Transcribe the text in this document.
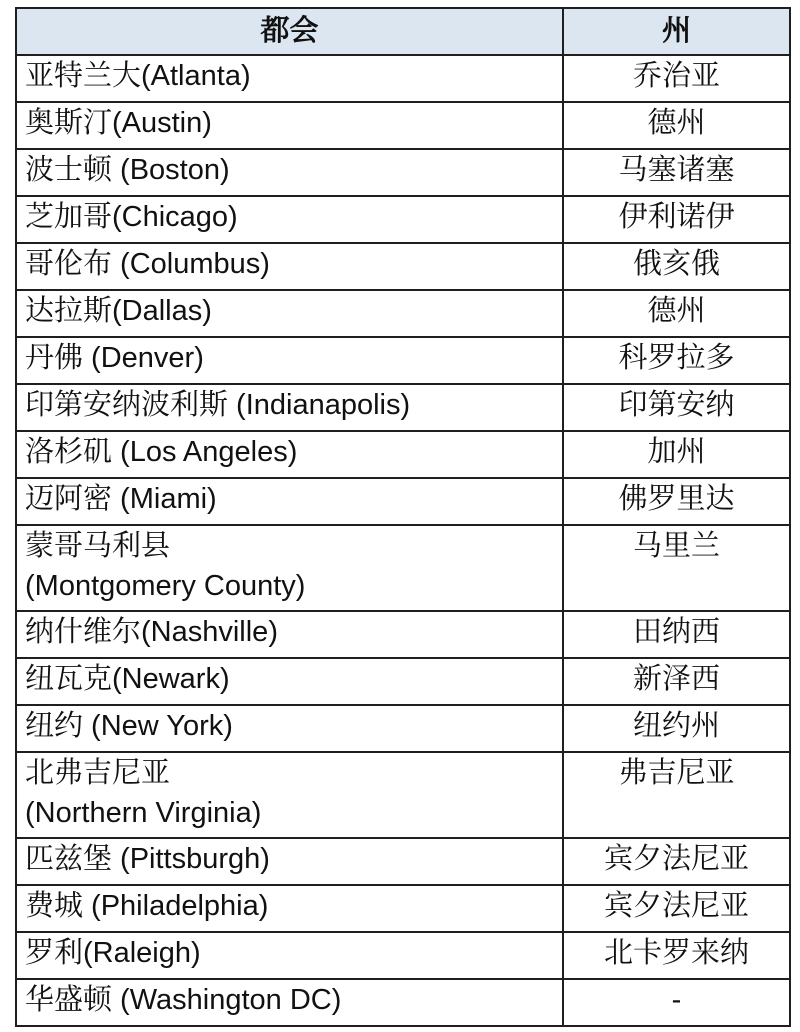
都会	州
亚特兰大(Atlanta)	乔治亚
奥斯汀(Austin)	德州
波士顿 (Boston)	马塞诸塞
芝加哥(Chicago)	伊利诺伊
哥伦布 (Columbus)	俄亥俄
达拉斯(Dallas)	德州
丹佛 (Denver)	科罗拉多
印第安纳波利斯 (Indianapolis)	印第安纳
洛杉矶 (Los Angeles)	加州
迈阿密 (Miami)	佛罗里达
蒙哥马利县
(Montgomery County)	马里兰
纳什维尔(Nashville)	田纳西
纽瓦克(Newark)	新泽西
纽约 (New York)	纽约州
北弗吉尼亚
(Northern Virginia)	弗吉尼亚
匹兹堡 (Pittsburgh)	宾夕法尼亚
费城 (Philadelphia)	宾夕法尼亚
罗利(Raleigh)	北卡罗来纳
华盛顿 (Washington DC)	-
